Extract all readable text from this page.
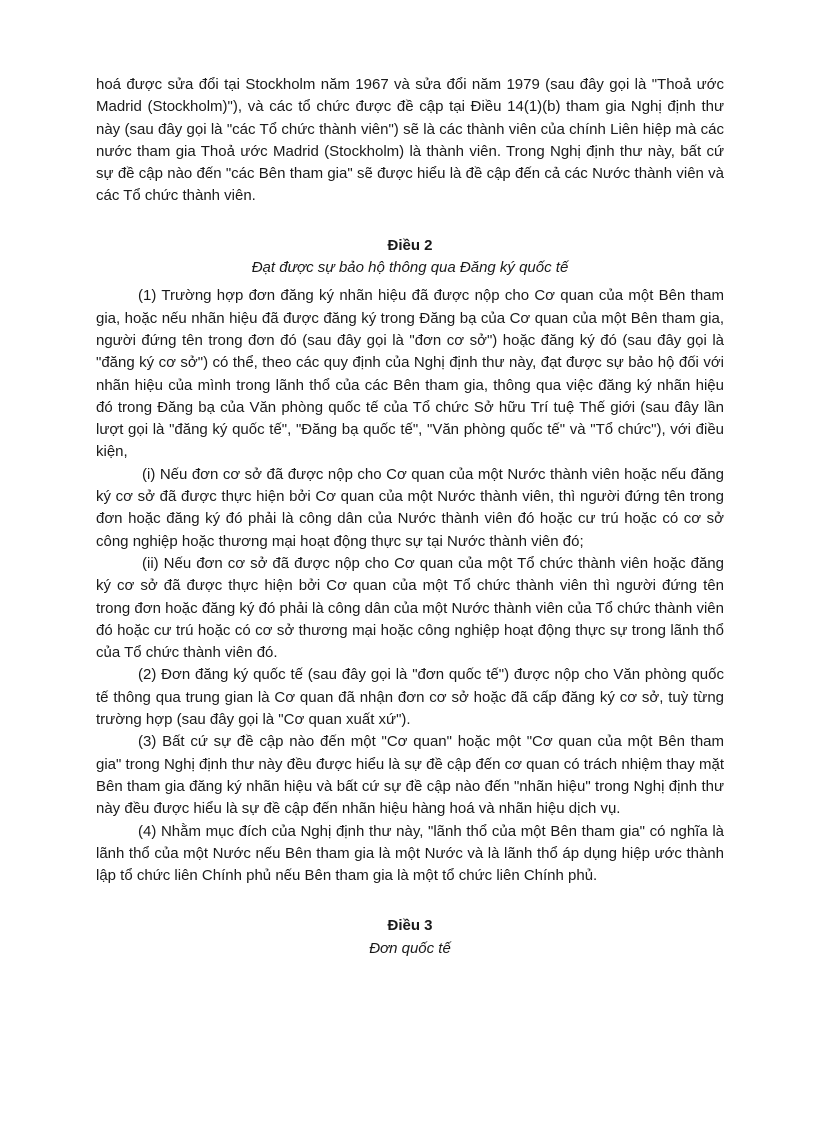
hoá được sửa đổi tại Stockholm năm 1967 và sửa đổi năm 1979 (sau đây gọi là "Thoả ước Madrid (Stockholm)"), và các tổ chức được đề cập tại Điều 14(1)(b) tham gia Nghị định thư này (sau đây gọi là "các Tổ chức thành viên") sẽ là các thành viên của chính Liên hiệp mà các nước tham gia Thoả ước Madrid (Stockholm) là thành viên. Trong Nghị định thư này, bất cứ sự đề cập nào đến "các Bên tham gia" sẽ được hiểu là đề cập đến cả các Nước thành viên và các Tổ chức thành viên.

Điều 2

Đạt được sự bảo hộ thông qua Đăng ký quốc tế

(1) Trường hợp đơn đăng ký nhãn hiệu đã được nộp cho Cơ quan của một Bên tham gia, hoặc nếu nhãn hiệu đã được đăng ký trong Đăng bạ của Cơ quan của một Bên tham gia, người đứng tên trong đơn đó (sau đây gọi là "đơn cơ sở") hoặc đăng ký đó (sau đây gọi là "đăng ký cơ sở") có thể, theo các quy định của Nghị định thư này, đạt được sự bảo hộ đối với nhãn hiệu của mình trong lãnh thổ của các Bên tham gia, thông qua việc đăng ký nhãn hiệu đó trong Đăng bạ của Văn phòng quốc tế của Tổ chức Sở hữu Trí tuệ Thế giới (sau đây lần lượt gọi là "đăng ký quốc tế", "Đăng bạ quốc tế", "Văn phòng quốc tế" và "Tổ chức"), với điều kiện,

(i) Nếu đơn cơ sở đã được nộp cho Cơ quan của một Nước thành viên hoặc nếu đăng ký cơ sở đã được thực hiện bởi Cơ quan của một Nước thành viên, thì người đứng tên trong đơn hoặc đăng ký đó phải là công dân của Nước thành viên đó hoặc cư trú hoặc có cơ sở công nghiệp hoặc thương mại hoạt động thực sự tại Nước thành viên đó;

(ii) Nếu đơn cơ sở đã được nộp cho Cơ quan của một Tổ chức thành viên hoặc đăng ký cơ sở đã được thực hiện bởi Cơ quan của một Tổ chức thành viên thì người đứng tên trong đơn hoặc đăng ký đó phải là công dân của một Nước thành viên của Tổ chức thành viên đó hoặc cư trú hoặc có cơ sở thương mại hoặc công nghiệp hoạt động thực sự trong lãnh thổ của Tổ chức thành viên đó.

(2) Đơn đăng ký quốc tế (sau đây gọi là "đơn quốc tế") được nộp cho Văn phòng quốc tế thông qua trung gian là Cơ quan đã nhận đơn cơ sở hoặc đã cấp đăng ký cơ sở, tuỳ từng trường hợp (sau đây gọi là "Cơ quan xuất xứ").

(3) Bất cứ sự đề cập nào đến một "Cơ quan" hoặc một "Cơ quan của một Bên tham gia" trong Nghị định thư này đều được hiểu là sự đề cập đến cơ quan có trách nhiệm thay mặt Bên tham gia đăng ký nhãn hiệu và bất cứ sự đề cập nào đến "nhãn hiệu" trong Nghị định thư này đều được hiểu là sự đề cập đến nhãn hiệu hàng hoá và nhãn hiệu dịch vụ.

(4) Nhằm mục đích của Nghị định thư này, "lãnh thổ của một Bên tham gia" có nghĩa là lãnh thổ của một Nước nếu Bên tham gia là một Nước và là lãnh thổ áp dụng hiệp ước thành lập tổ chức liên Chính phủ nếu Bên tham gia là một tổ chức liên Chính phủ.

Điều 3

Đơn quốc tế
